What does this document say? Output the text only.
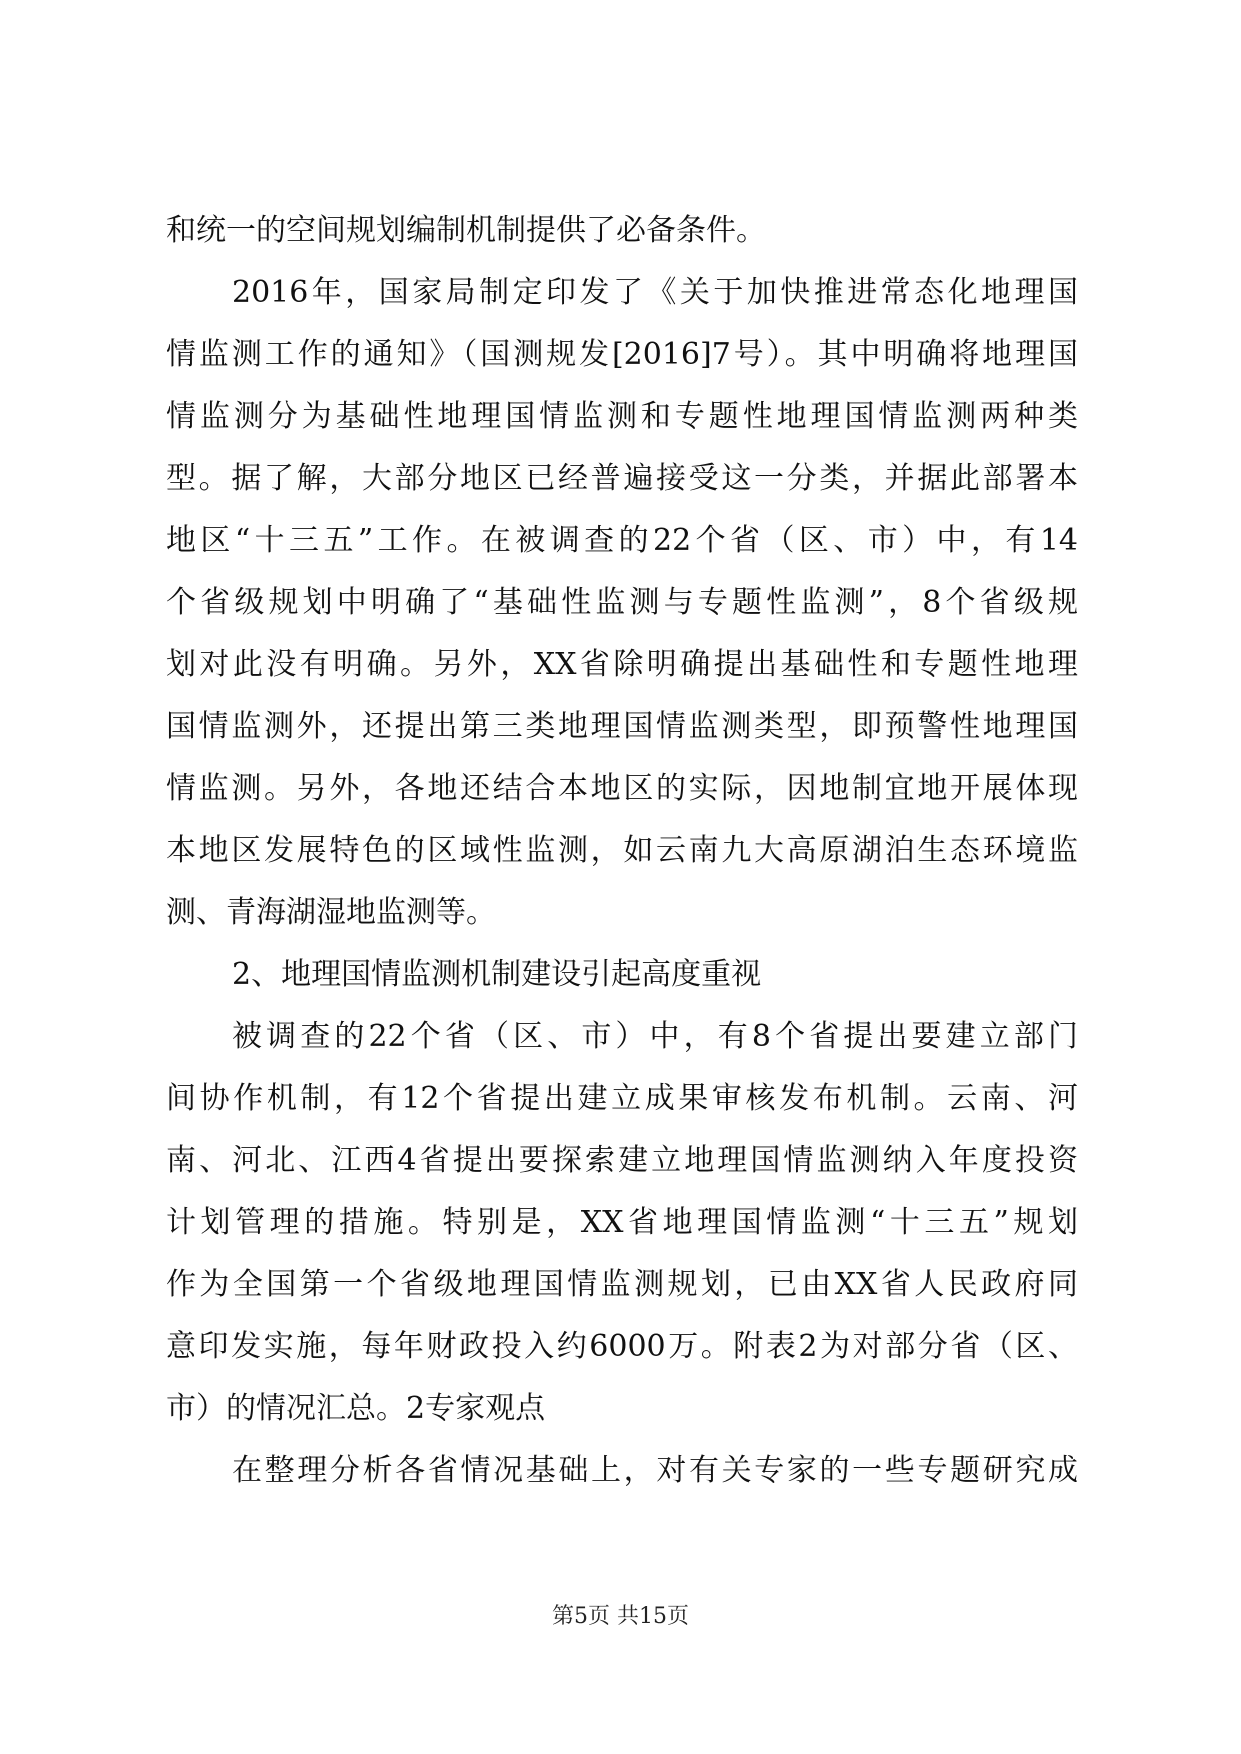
和统一的空间规划编制机制提供了必备条件。
2016年，国家局制定印发了《关于加快推进常态化地理国
情监测工作的通知》（国测规发[2016]7号）。其中明确将地理国
情监测分为基础性地理国情监测和专题性地理国情监测两种类
型。据了解，大部分地区已经普遍接受这一分类，并据此部署本
地区“十三五”工作。在被调查的22个省（区、市）中，有14
个省级规划中明确了“基础性监测与专题性监测”，8个省级规
划对此没有明确。另外，XX省除明确提出基础性和专题性地理
国情监测外，还提出第三类地理国情监测类型，即预警性地理国
情监测。另外，各地还结合本地区的实际，因地制宜地开展体现
本地区发展特色的区域性监测，如云南九大高原湖泊生态环境监
测、青海湖湿地监测等。
2、地理国情监测机制建设引起高度重视
被调查的22个省（区、市）中，有8个省提出要建立部门
间协作机制，有12个省提出建立成果审核发布机制。云南、河
南、河北、江西4省提出要探索建立地理国情监测纳入年度投资
计划管理的措施。特别是，XX省地理国情监测“十三五”规划
作为全国第一个省级地理国情监测规划，已由XX省人民政府同
意印发实施，每年财政投入约6000万。附表2为对部分省（区、
市）的情况汇总。2专家观点
在整理分析各省情况基础上，对有关专家的一些专题研究成
第5页 共15页
